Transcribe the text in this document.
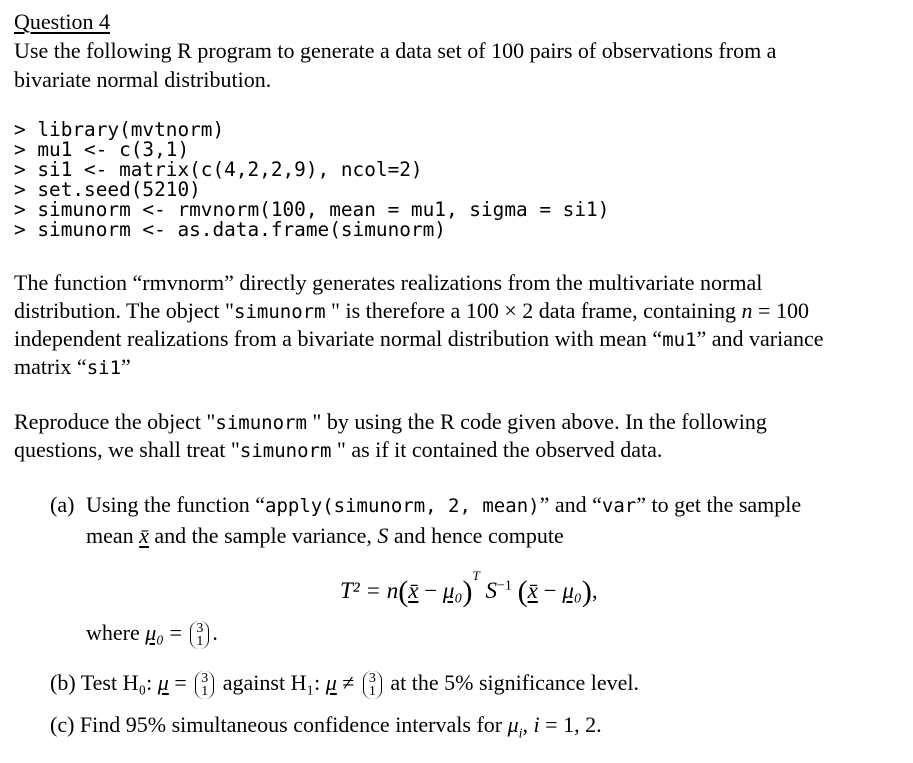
Question 4
Use the following R program to generate a data set of 100 pairs of observations from a
bivariate normal distribution.
> library(mvtnorm)
> mu1 <- c(3,1)
> si1 <- matrix(c(4,2,2,9), ncol=2)
> set.seed(5210)
> simunorm <- rmvnorm(100, mean = mu1, sigma = si1)
> simunorm <- as.data.frame(simunorm)
The function “rmvnorm” directly generates realizations from the multivariate normal
distribution. The object "simunorm " is therefore a 100 × 2 data frame, containing n = 100
independent realizations from a bivariate normal distribution with mean “mu1” and variance
matrix “si1”
Reproduce the object "simunorm " by using the R code given above. In the following
questions, we shall treat "simunorm " as if it contained the observed data.
(a) Using the function “apply(simunorm, 2, mean)” and “var” to get the sample
mean x̄ and the sample variance, S and hence compute
T² = n(x̄ − μ₀)$^T$ $S^{-1}$ (x̄ − μ₀),
where μ₀ = 3
1 .
(b) Test H₀: μ = 3
1 against H₁: μ ≠ 3
1 at the 5% significance level.
(c) Find 95% simultaneous confidence intervals for $\mu_i$, i = 1, 2.
